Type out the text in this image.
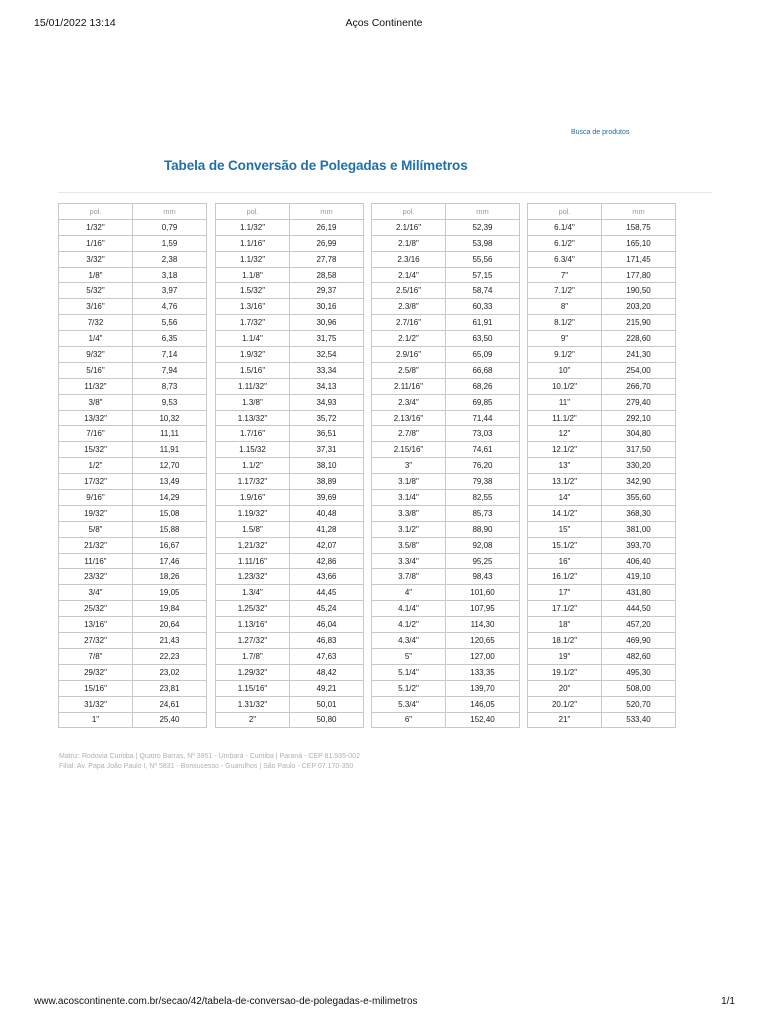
15/01/2022 13:14	Aços Continente
Busca de produtos
Tabela de Conversão de Polegadas e Milímetros
pol.	mm
1/32"	0,79
1/16"	1,59
3/32"	2,38
1/8"	3,18
5/32"	3,97
3/16"	4,76
7/32	5,56
1/4"	6,35
9/32"	7,14
5/16"	7,94
11/32"	8,73
3/8"	9,53
13/32"	10,32
7/16"	11,11
15/32"	11,91
1/2"	12,70
17/32"	13,49
9/16"	14,29
19/32"	15,08
5/8"	15,88
21/32"	16,67
11/16"	17,46
23/32"	18,26
3/4"	19,05
25/32"	19,84
13/16"	20,64
27/32"	21,43
7/8"	22,23
29/32"	23,02
15/16"	23,81
31/32"	24,61
1"	25,40
pol.	mm
1.1/32"	26,19
1.1/16"	26,99
1.1/32"	27,78
1.1/8"	28,58
1.5/32"	29,37
1.3/16"	30,16
1.7/32"	30,96
1.1/4"	31,75
1.9/32"	32,54
1.5/16"	33,34
1.11/32"	34,13
1.3/8"	34,93
1.13/32"	35,72
1.7/16"	36,51
1.15/32	37,31
1.1/2"	38,10
1.17/32"	38,89
1.9/16"	39,69
1.19/32"	40,48
1.5/8"	41,28
1.21/32"	42,07
1.11/16"	42,86
1.23/32"	43,66
1.3/4"	44,45
1.25/32"	45,24
1.13/16"	46,04
1.27/32"	46,83
1.7/8"	47,63
1.29/32"	48,42
1.15/16"	49,21
1.31/32"	50,01
2"	50,80
pol.	mm
2.1/16"	52,39
2.1/8"	53,98
2.3/16	55,56
2.1/4"	57,15
2.5/16"	58,74
2.3/8"	60,33
2.7/16"	61,91
2.1/2"	63,50
2.9/16"	65,09
2.5/8"	66,68
2.11/16"	68,26
2.3/4"	69,85
2.13/16"	71,44
2.7/8"	73,03
2.15/16"	74,61
3"	76,20
3.1/8"	79,38
3.1/4"	82,55
3.3/8"	85,73
3.1/2"	88,90
3.5/8"	92,08
3.3/4"	95,25
3.7/8"	98,43
4"	101,60
4.1/4"	107,95
4.1/2"	114,30
4.3/4"	120,65
5"	127,00
5.1/4"	133,35
5.1/2"	139,70
5.3/4"	146,05
6"	152,40
pol.	mm
6.1/4"	158,75
6.1/2"	165,10
6.3/4"	171,45
7"	177,80
7.1/2"	190,50
8"	203,20
8.1/2"	215,90
9"	228,60
9.1/2"	241,30
10"	254,00
10.1/2"	266,70
11"	279,40
11.1/2"	292,10
12"	304,80
12.1/2"	317,50
13"	330,20
13.1/2"	342,90
14"	355,60
14.1/2"	368,30
15"	381,00
15.1/2"	393,70
16"	406,40
16.1/2"	419,10
17"	431,80
17.1/2"	444,50
18"	457,20
18.1/2"	469,90
19"	482,60
19.1/2"	495,30
20"	508,00
20.1/2"	520,70
21"	533,40
Matriz: Rodovia Curitiba | Quatro Barras, Nº 3851 - Umbará - Curitiba | Paraná - CEP 81.935-002
Filial: Av. Papa João Paulo I, Nº 5831 - Bonsucesso - Guarulhos | São Paulo - CEP 07.170-350
www.acoscontinente.com.br/secao/42/tabela-de-conversao-de-polegadas-e-milimetros	1/1
